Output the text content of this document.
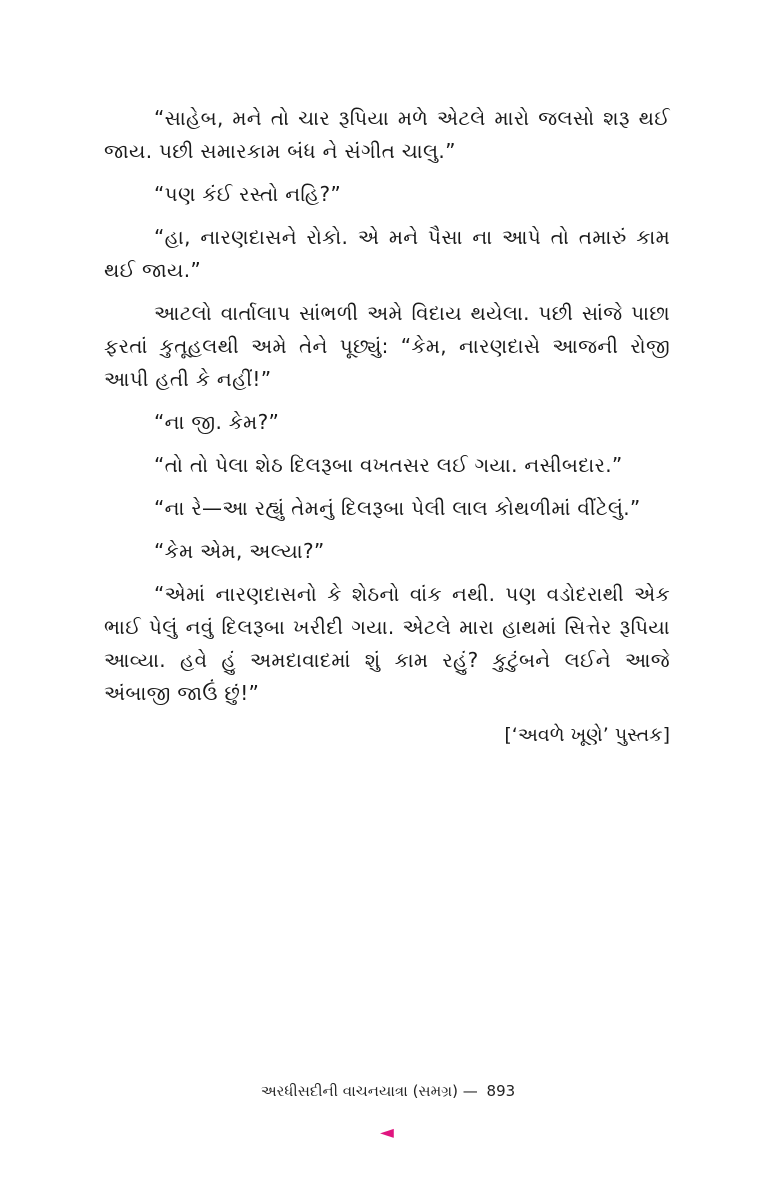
“સાહેબ, મને તો ચાર રૂપિયા મળે એટલે મારો જલસો શરૂ થઈ જાય. પછી સમારકામ બંધ ને સંગીત ચાલુ.”

“પણ કંઈ રસ્તો નહિ?”

“હા, નારણદાસને રોકો. એ મને પૈસા ના આપે તો તમારું કામ થઈ જાય.”

આટલો વાર્તાલાપ સાંભળી અમે વિદાય થયેલા. પછી સાંજે પાછા ફરતાં કુતૂહલથી અમે તેને પૂછ્યું: “કેમ, નારણદાસે આજની રોજી આપી હતી કે નહીં!”

“ના જી. કેમ?”

“તો તો પેલા શેઠ દિલરૂબા વખતસર લઈ ગયા. નસીબદાર.”

“ના રે—આ રહ્યું તેમનું દિલરૂબા પેલી લાલ કોથળીમાં વીંટેલું.”

“કેમ એમ, અલ્યા?”

“એમાં નારણદાસનો કે શેઠનો વાંક નથી. પણ વડોદરાથી એક ભાઈ પેલું નવું દિલરૂબા ખરીદી ગયા. એટલે મારા હાથમાં સિત્તેર રૂપિયા આવ્યા. હવે હું અમદાવાદમાં શું કામ રહું? કુટુંબને લઈને આજે અંબાજી જાઉં છું!”

[‘અવળે ખૂણે’ પુસ્તક]
અરધીસદીની વાચનયાત્રા (સમગ્ર) — 893
◄
